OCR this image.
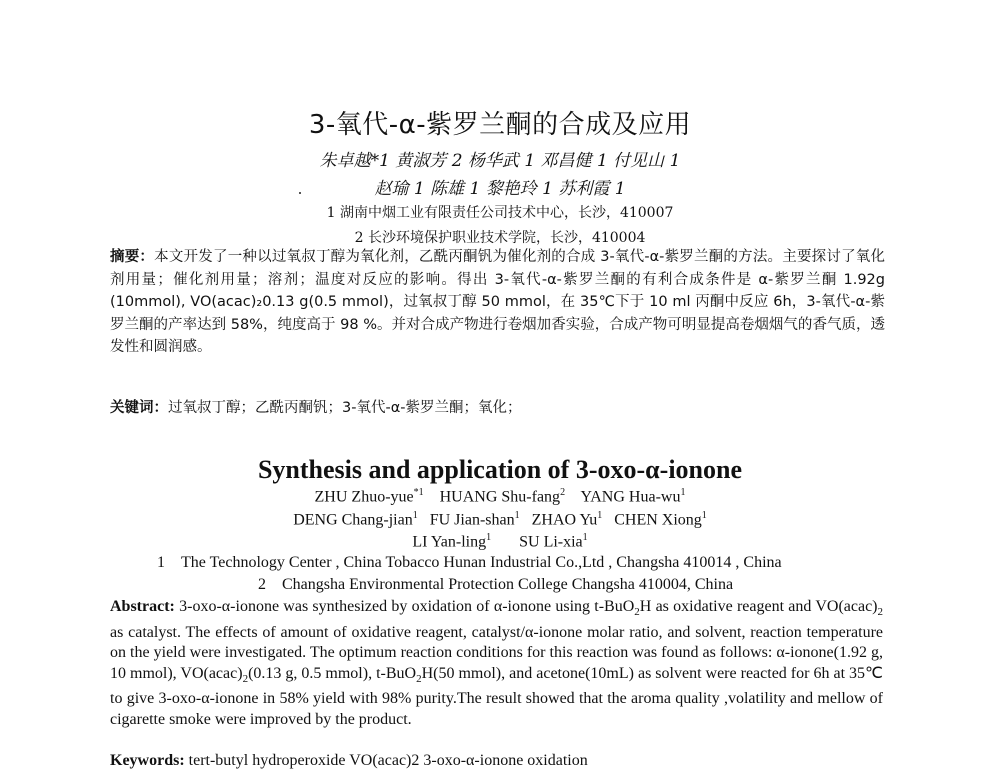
3-氧代-α-紫罗兰酮的合成及应用
朱卓越*1 黄淑芳 2 杨华武 1 邓昌健 1 付见山 1
赵瑜 1 陈雄 1 黎艳玲 1 苏利霞 1
1 湖南中烟工业有限责任公司技术中心，长沙，410007
2 长沙环境保护职业技术学院，长沙，410004
摘要：本文开发了一种以过氧叔丁醇为氧化剂，乙酰丙酮钒为催化剂的合成 3-氧代-α-紫罗兰酮的方法。主要探讨了氧化剂用量；催化剂用量；溶剂；温度对反应的影响。得出 3-氧代-α-紫罗兰酮的有利合成条件是 α-紫罗兰酮 1.92g (10mmol), VO(acac)₂0.13 g(0.5 mmol)，过氧叔丁醇 50 mmol，在 35℃下于 10 ml 丙酮中反应 6h，3-氧代-α-紫罗兰酮的产率达到 58%，纯度高于 98 %。并对合成产物进行卷烟加香实验，合成产物可明显提高卷烟烟气的香气质，透发性和圆润感。
关键词：过氧叔丁醇；乙酰丙酮钒；3-氧代-α-紫罗兰酮；氧化；
Synthesis and application of 3-oxo-α-ionone
ZHU Zhuo-yue$^{*1}$ HUANG Shu-fang$^2$ YANG Hua-$wu^1$
DENG Chang-jian$^1$ FU Jian-shan$^1$ ZHAO Yu$^1$ CHEN Xiong$^1$
LI Yan-ling$^1$ SU Li-xia$^1$
1 The Technology Center , China Tobacco Hunan Industrial Co.,Ltd , Changsha 410014 , China
2 Changsha Environmental Protection College Changsha 410004, China
Abstract: 3-oxo-α-ionone was synthesized by oxidation of α-ionone using t-BuO$_2$H as oxidative reagent and $VO(acac)_2$ as catalyst. The effects of amount of oxidative reagent, catalyst/α-ionone molar ratio, and solvent, reaction temperature on the yield were investigated. The optimum reaction conditions for this reaction was found as follows: α-ionone(1.92 g, 10 mmol), $VO(acac)_2(0.13$ g, 0.5 mmol), t-BuO$_2$H(50 mmol), and acetone(10mL) as solvent were reacted for 6h at 35℃ to give 3-oxo-α-ionone in 58% yield with 98% purity.The result showed that the aroma quality ,volatility and mellow of cigarette smoke were improved by the product.
Keywords: tert-butyl hydroperoxide VO(acac)2 3-oxo-α-ionone oxidation
